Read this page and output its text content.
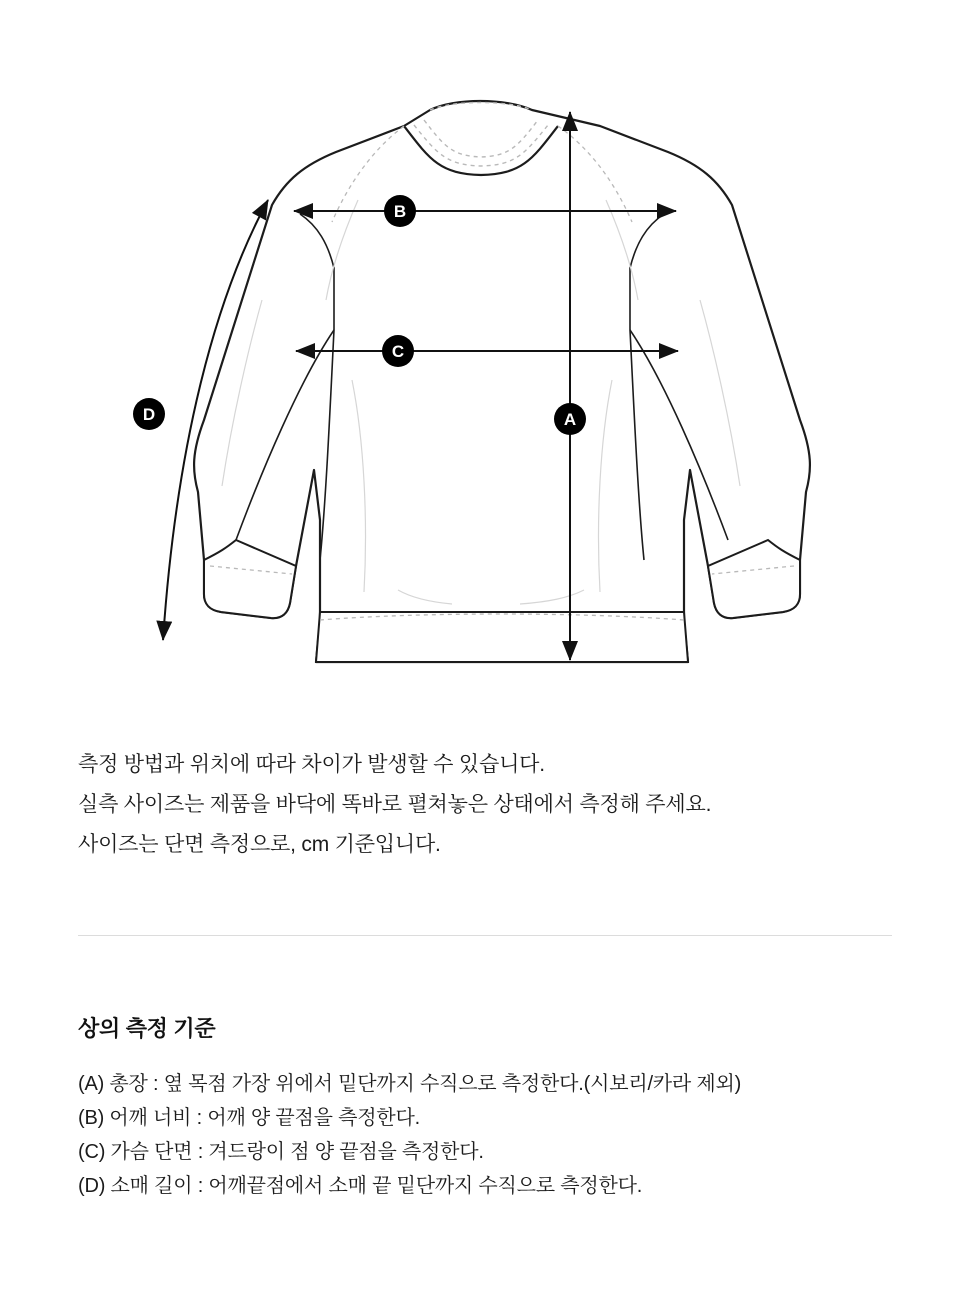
A
B
C
D

측정 방법과 위치에 따라 차이가 발생할 수 있습니다.

실측 사이즈는 제품을 바닥에 똑바로 펼쳐놓은 상태에서 측정해 주세요.

사이즈는 단면 측정으로, cm 기준입니다.

상의 측정 기준
(A) 총장 : 옆 목점 가장 위에서 밑단까지 수직으로 측정한다.(시보리/카라 제외)
(B) 어깨 너비 : 어깨 양 끝점을 측정한다.
(C) 가슴 단면 : 겨드랑이 점 양 끝점을 측정한다.
(D) 소매 길이 : 어깨끝점에서 소매 끝 밑단까지 수직으로 측정한다.
